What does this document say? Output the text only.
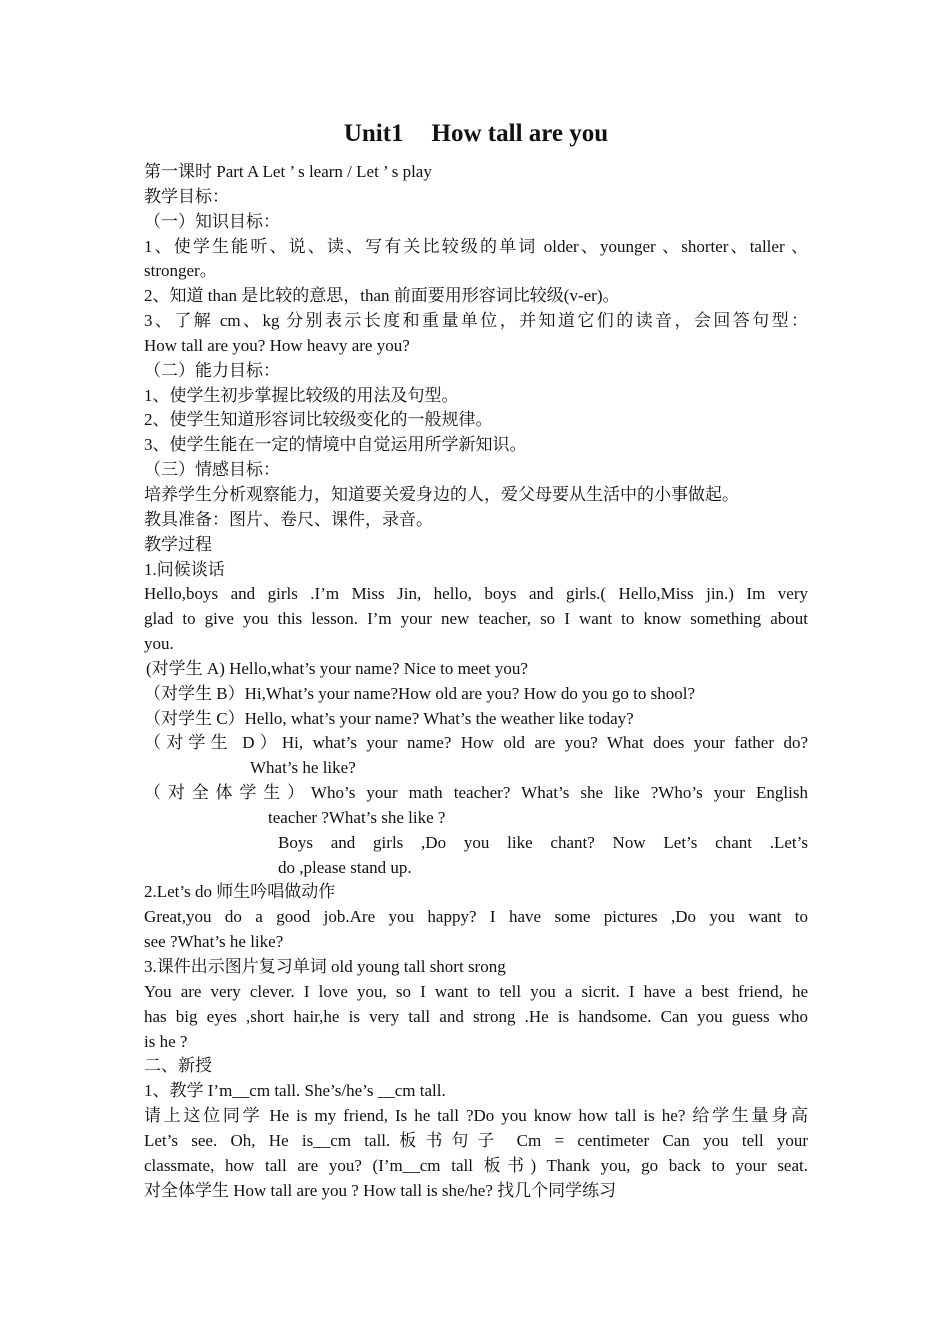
Unit1 How tall are you
第一课时 Part A Let ’ s learn / Let ’ s play
教学目标：
（一）知识目标：
1、使学生能听、说、读、写有关比较级的单词 older、younger 、shorter、taller 、
stronger。
2、知道 than 是比较的意思，than 前面要用形容词比较级(v-er)。
3、了解 cm、kg 分别表示长度和重量单位，并知道它们的读音，会回答句型：
How tall are you? How heavy are you?
（二）能力目标：
1、使学生初步掌握比较级的用法及句型。
2、使学生知道形容词比较级变化的一般规律。
3、使学生能在一定的情境中自觉运用所学新知识。
（三）情感目标：
培养学生分析观察能力，知道要关爱身边的人，爱父母要从生活中的小事做起。
教具准备：图片、卷尺、课件，录音。
教学过程
1.问候谈话
Hello,boys and girls .I’m Miss Jin, hello, boys and girls.( Hello,Miss jin.) Im very
glad to give you this lesson. I’m your new teacher, so I want to know something about
you.
(对学生 A) Hello,what’s your name? Nice to meet you?
（对学生 B）Hi,What’s your name?How old are you? How do you go to shool?
（对学生 C）Hello, what’s your name? What’s the weather like today?
（对学生 D）Hi, what’s your name? How old are you? What does your father do?
What’s he like?
（对全体学生）Who’s your math teacher? What’s she like ?Who’s your English
teacher ?What’s she like ?
Boys and girls ,Do you like chant? Now Let’s chant .Let’s
do ,please stand up.
2.Let’s do 师生吟唱做动作
Great,you do a good job.Are you happy? I have some pictures ,Do you want to
see ?What’s he like?
3.课件出示图片复习单词 old young tall short srong
You are very clever. I love you, so I want to tell you a sicrit. I have a best friend, he
has big eyes ,short hair,he is very tall and strong .He is handsome. Can you guess who
is he ?
二、新授
1、教学 I’m__cm tall. She’s/he’s __cm tall.
请上这位同学 He is my friend, Is he tall ?Do you know how tall is he? 给学生量身高
Let’s see. Oh, He is__cm tall.板书句子 Cm = centimeter Can you tell your
classmate, how tall are you? (I’m__cm tall 板书) Thank you, go back to your seat.
对全体学生 How tall are you ? How tall is she/he? 找几个同学练习
